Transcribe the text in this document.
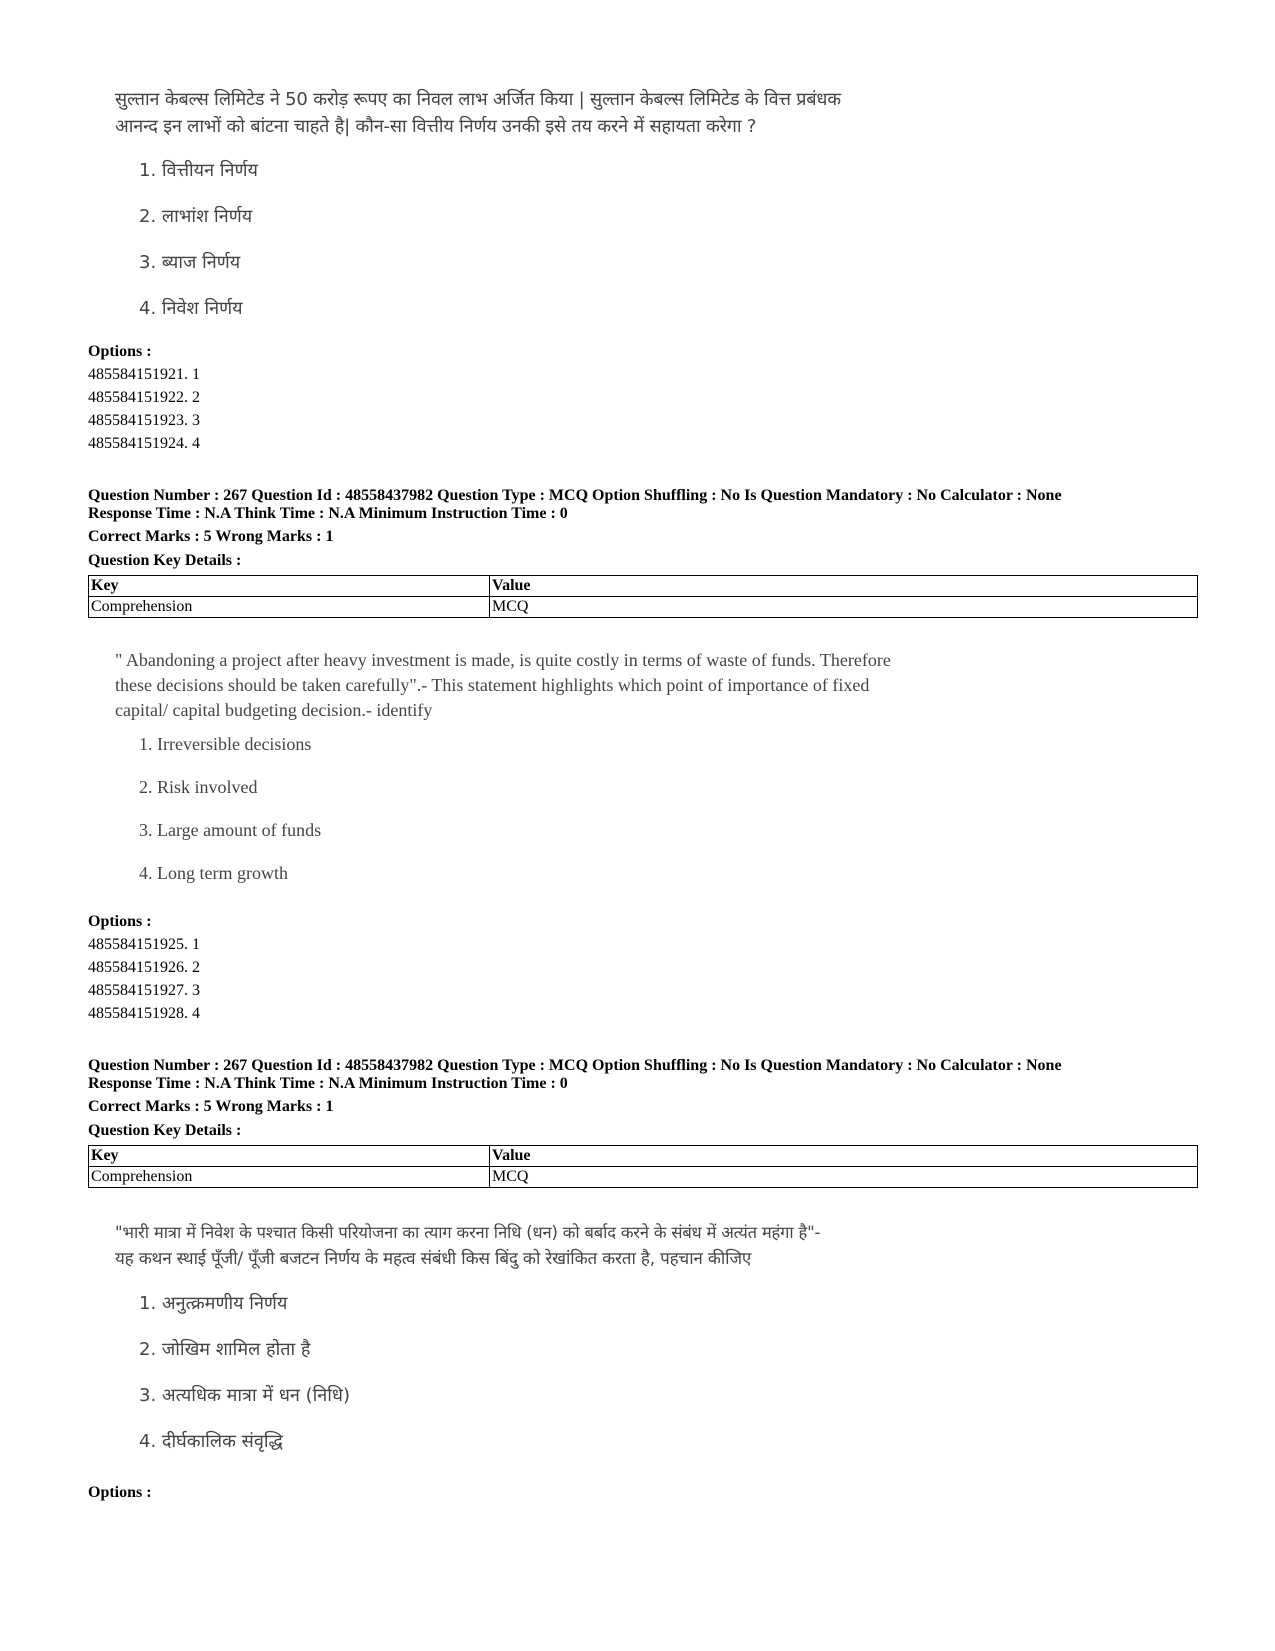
सुल्तान केबल्स लिमिटेड ने 50 करोड़ रूपए का निवल लाभ अर्जित किया | सुल्तान केबल्स लिमिटेड के वित्त प्रबंधक

आनन्द इन लाभों को बांटना चाहते है| कौन-सा वित्तीय निर्णय उनकी इसे तय करने में सहायता करेगा ?

1. वित्तीयन निर्णय
2. लाभांश निर्णय
3. ब्याज निर्णय
4. निवेश निर्णय
Options :
485584151921. 1
485584151922. 2
485584151923. 3
485584151924. 4
Question Number : 267 Question Id : 48558437982 Question Type : MCQ Option Shuffling : No Is Question Mandatory : No Calculator : None
Response Time : N.A Think Time : N.A Minimum Instruction Time : 0
Correct Marks : 5 Wrong Marks : 1
Question Key Details :
Key	Value
Comprehension	MCQ

" Abandoning a project after heavy investment is made, is quite costly in terms of waste of funds. Therefore

these decisions should be taken carefully".- This statement highlights which point of importance of fixed

capital/ capital budgeting decision.- identify

1. Irreversible decisions
2. Risk involved
3. Large amount of funds
4. Long term growth
Options :
485584151925. 1
485584151926. 2
485584151927. 3
485584151928. 4
Question Number : 267 Question Id : 48558437982 Question Type : MCQ Option Shuffling : No Is Question Mandatory : No Calculator : None
Response Time : N.A Think Time : N.A Minimum Instruction Time : 0
Correct Marks : 5 Wrong Marks : 1
Question Key Details :
Key	Value
Comprehension	MCQ

"भारी मात्रा में निवेश के पश्चात किसी परियोजना का त्याग करना निधि (धन) को बर्बाद करने के संबंध में अत्यंत महंगा है"-

यह कथन स्थाई पूँजी/ पूँजी बजटन निर्णय के महत्व संबंधी किस बिंदु को रेखांकित करता है, पहचान कीजिए

1. अनुत्क्रमणीय निर्णय
2. जोखिम शामिल होता है
3. अत्यधिक मात्रा में धन (निधि)
4. दीर्घकालिक संवृद्धि
Options :
